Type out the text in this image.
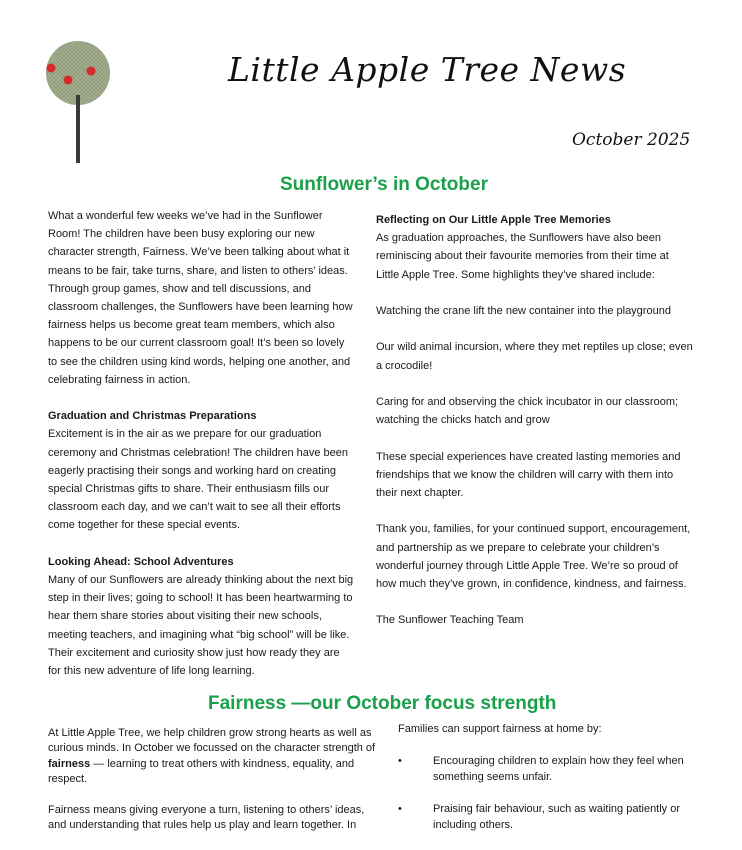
Little Apple Tree News
October 2025
Sunflower’s in October

What a wonderful few weeks we’ve had in the Sunflower Room! The children have been busy exploring our new character strength, Fairness. We’ve been talking about what it means to be fair, take turns, share, and listen to others’ ideas. Through group games, show and tell discussions, and classroom challenges, the Sunflowers have been learning how fairness helps us become great team members, which also happens to be our current classroom goal! It’s been so lovely to see the children using kind words, helping one another, and celebrating fairness in action.

Graduation and Christmas Preparations
Excitement is in the air as we prepare for our graduation ceremony and Christmas celebration! The children have been eagerly practising their songs and working hard on creating special Christmas gifts to share. Their enthusiasm fills our classroom each day, and we can’t wait to see all their efforts come together for these special events.

Looking Ahead: School Adventures
Many of our Sunflowers are already thinking about the next big step in their lives; going to school! It has been heartwarming to hear them share stories about visiting their new schools, meeting teachers, and imagining what “big school” will be like. Their excitement and curiosity show just how ready they are for this new adventure of life long learning.

Reflecting on Our Little Apple Tree Memories
As graduation approaches, the Sunflowers have also been reminiscing about their favourite memories from their time at Little Apple Tree. Some highlights they’ve shared include:

Watching the crane lift the new container into the playground

Our wild animal incursion, where they met reptiles up close; even a crocodile!

Caring for and observing the chick incubator in our classroom; watching the chicks hatch and grow

These special experiences have created lasting memories and friendships that we know the children will carry with them into their next chapter.

Thank you, families, for your continued support, encouragement, and partnership as we prepare to celebrate your children’s wonderful journey through Little Apple Tree. We’re so proud of how much they’ve grown, in confidence, kindness, and fairness.

The Sunflower Teaching Team

Fairness —our October focus strength

At Little Apple Tree, we help children grow strong hearts as well as curious minds. In October we focussed on the character strength of fairness — learning to treat others with kindness, equality, and respect.

Fairness means giving everyone a turn, listening to others’ ideas, and understanding that rules help us play and learn together. In

Families can support fairness at home by:
•	Encouraging children to explain how they feel when something seems unfair.
•	Praising fair behaviour, such as waiting patiently or including others.
